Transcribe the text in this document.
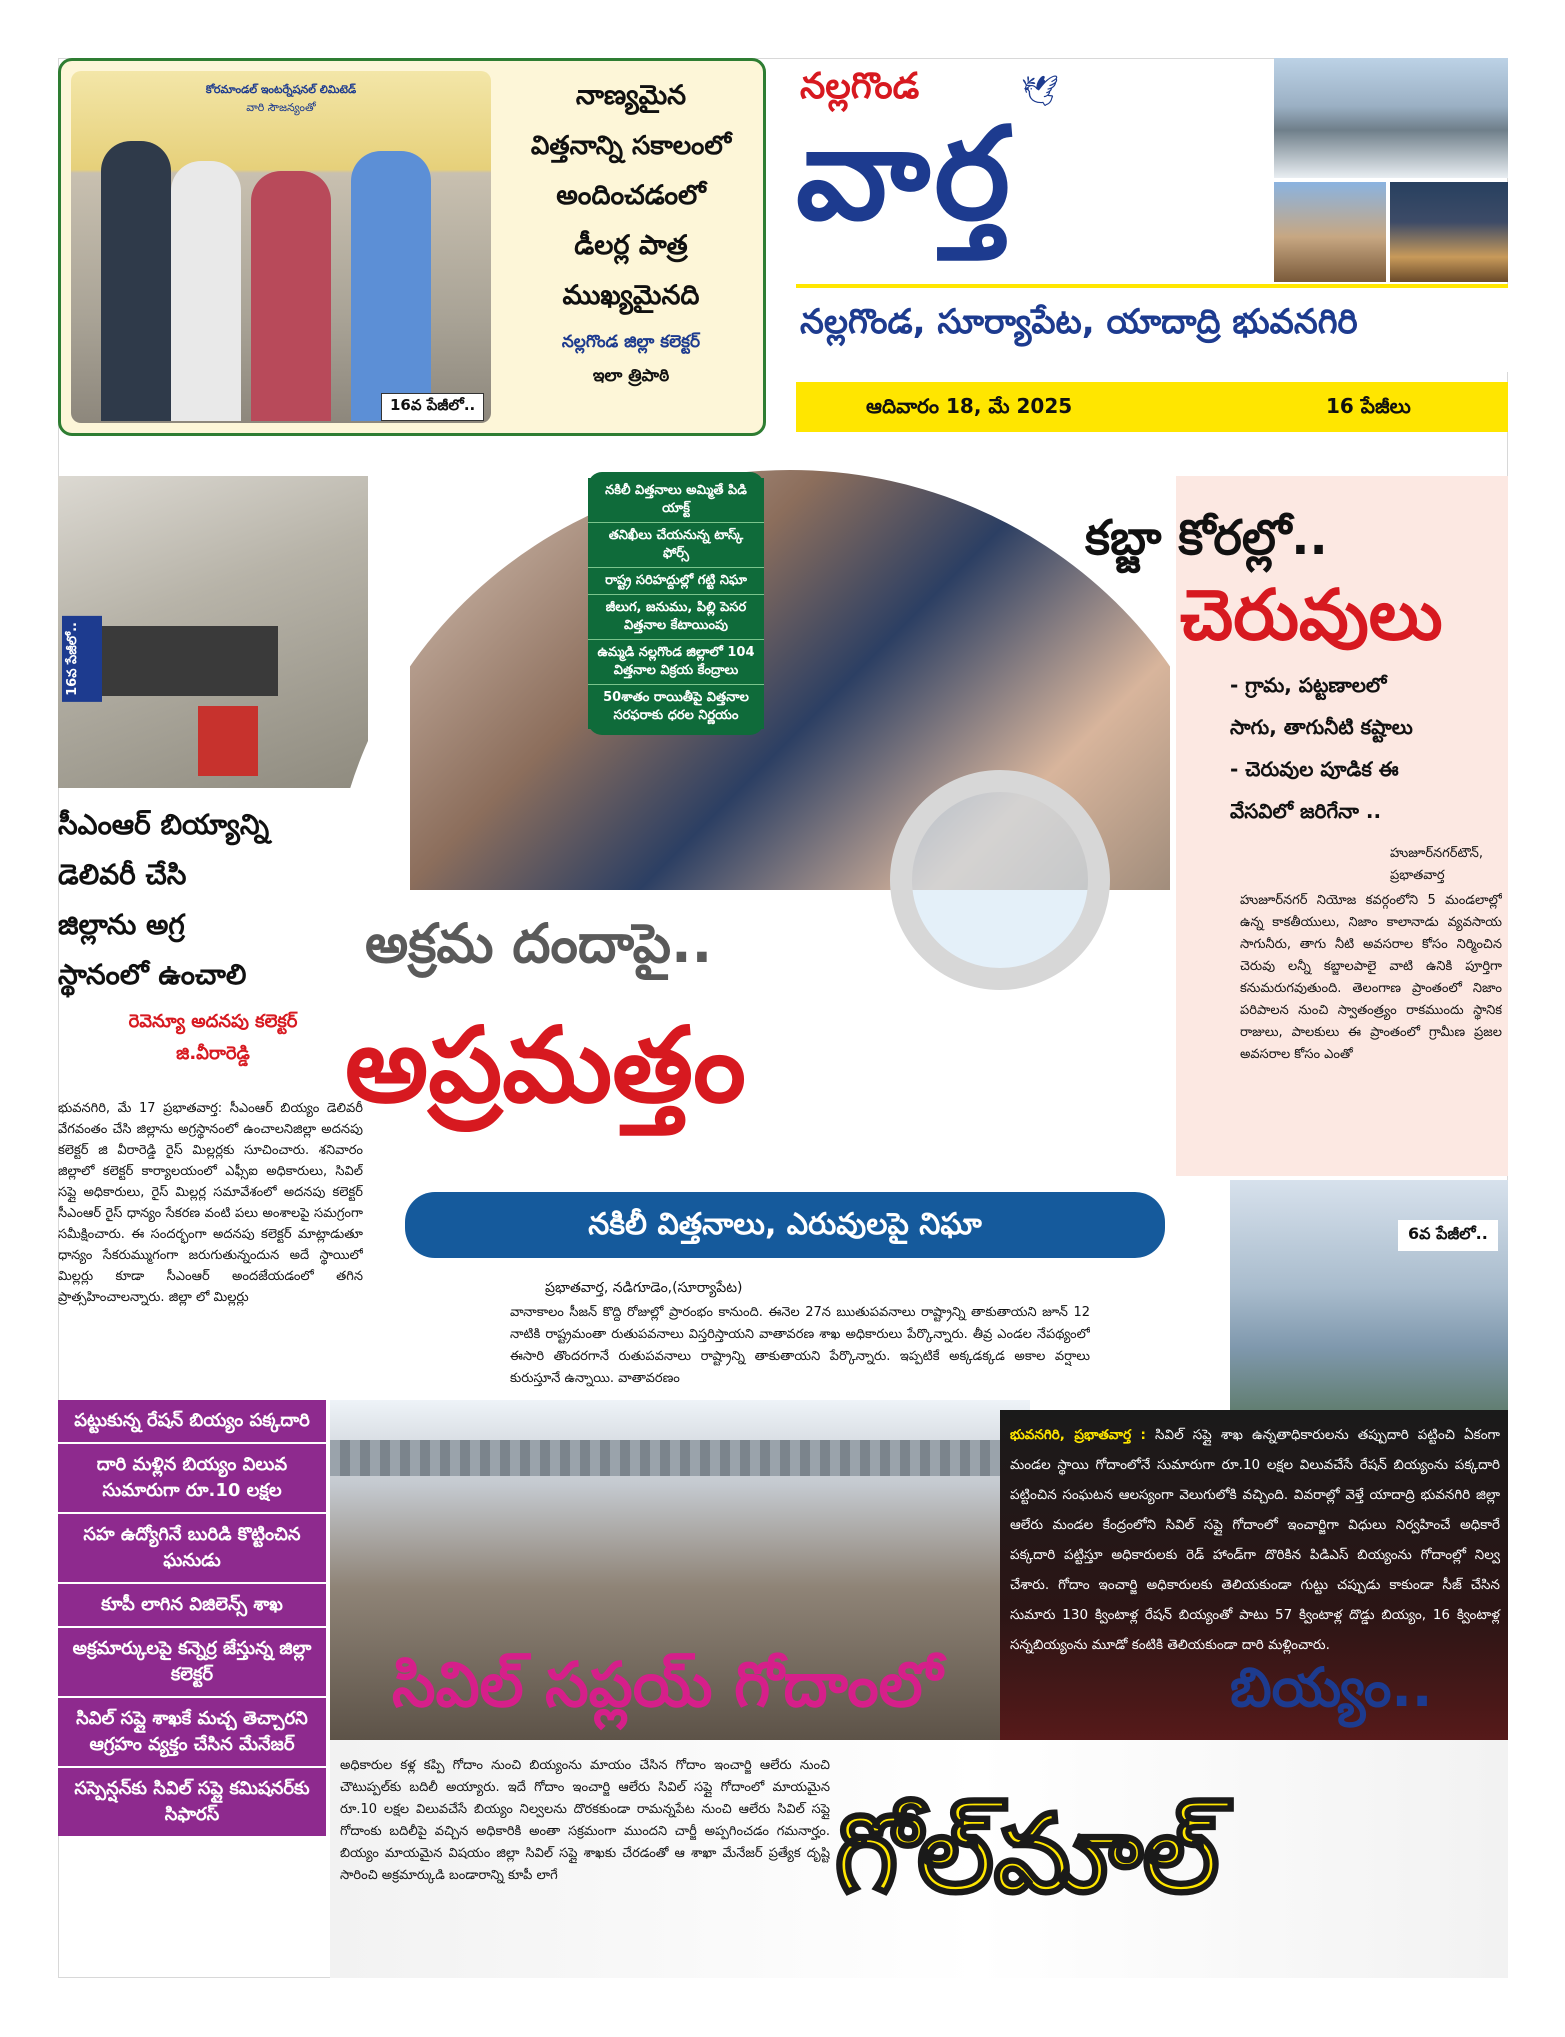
కోరమాండల్ ఇంటర్నేషనల్ లిమిటెడ్
వారి సౌజన్యంతో
16వ పేజీలో..
నాణ్యమైన
విత్తనాన్ని సకాలంలో
అందించడంలో
డీలర్ల పాత్ర
ముఖ్యమైనది
నల్లగొండ జిల్లా కలెక్టర్
ఇలా త్రిపాఠి
నల్లగొండ	🕊
వార్త
నల్లగొండ, సూర్యాపేట, యాదాద్రి భువనగిరి
ఆదివారం 18, మే 2025	16 పేజీలు
16వ పేజీలో..
సీఎంఆర్ బియ్యాన్ని
డెలివరీ చేసి
జిల్లాను అగ్ర
స్థానంలో ఉంచాలి
రెవెన్యూ అదనపు కలెక్టర్
జి.వీరారెడ్డి
భువనగిరి, మే 17 ప్రభాతవార్త: సీఎంఆర్ బియ్యం డెలివరీ వేగవంతం చేసి జిల్లాను అగ్రస్థానంలో ఉంచాలనిజిల్లా అదనపు కలెక్టర్ జి వీరారెడ్డి రైస్ మిల్లర్లకు సూచించారు. శనివారం జిల్లాలో కలెక్టర్ కార్యాలయంలో ఎఫ్సీఐ అధికారులు, సివిల్ సప్లై అధికారులు, రైస్ మిల్లర్ల సమావేశంలో అదనపు కలెక్టర్ సీఎంఆర్ రైస్ ధాన్యం సేకరణ వంటి పలు అంశాలపై సమగ్రంగా సమీక్షించారు. ఈ సందర్భంగా అదనపు కలెక్టర్ మాట్లాడుతూ ధాన్యం సేకరుమ్ముగంగా జరుగుతున్నందున అదే స్థాయిలో మిల్లర్లు కూడా సీఎంఆర్ అందజేయడంలో తగిన ప్రాత్సహించాలన్నారు. జిల్లా లో మిల్లర్లు
నకిలీ విత్తనాలు అమ్మితే పిడి యాక్ట్
తనిఖీలు చేయనున్న టాస్క్ ఫోర్స్
రాష్ట్ర సరిహద్దుల్లో గట్టి నిఘా
జీలుగ, జనుము, పిల్లి పెసర విత్తనాల కేటాయింపు
ఉమ్మడి నల్లగొండ జిల్లాలో 104 విత్తనాల విక్రయ కేంద్రాలు
50శాతం రాయితీపై విత్తనాల సరఫరాకు ధరల నిర్ణయం
అక్రమ దందాపై..
అప్రమత్తం
నకిలీ విత్తనాలు, ఎరువులపై నిఘా
ప్రభాతవార్త, నడిగూడెం,(సూర్యాపేట)
వానాకాలం సీజన్ కొద్ది రోజుల్లో ప్రారంభం కానుంది. ఈనెల 27న ఋతుపవనాలు రాష్ట్రాన్ని తాకుతాయని జూన్ 12 నాటికి రాష్ట్రమంతా రుతుపవనాలు విస్తరిస్తాయని వాతావరణ శాఖ అధికారులు పేర్కొన్నారు. తీవ్ర ఎండల నేపథ్యంలో ఈసారి తొందరగానే రుతుపవనాలు రాష్ట్రాన్ని తాకుతాయని పేర్కొన్నారు. ఇప్పటికే అక్కడక్కడ అకాల వర్షాలు కురుస్తూనే ఉన్నాయి. వాతావరణం
కబ్జా కోరల్లో..
చెరువులు
- గ్రామ, పట్టణాలలో
సాగు, తాగునీటి కష్టాలు
- చెరువుల పూడిక ఈ
వేసవిలో జరిగేనా ..
హుజూర్‌నగర్‌టౌన్,
ప్రభాతవార్త
హుజూర్‌నగర్ నియోజ కవర్గంలోని 5 మండలాల్లో ఉన్న కాకతీయులు, నిజాం కాలానాడు వ్యవసాయ సాగునీరు, తాగు నీటి అవసరాల కోసం నిర్మించిన చెరువు లన్నీ కబ్జాలపాలై వాటి ఉనికి పూర్తిగా కనుమరుగవుతుంది. తెలంగాణ ప్రాంతంలో నిజాం పరిపాలన నుంచి స్వాతంత్ర్యం రాకముందు స్థానిక రాజులు, పాలకులు ఈ ప్రాంతంలో గ్రామీణ ప్రజల అవసరాల కోసం ఎంతో
6వ పేజీలో..
పట్టుకున్న రేషన్ బియ్యం పక్కదారి
దారి మళ్లిన బియ్యం విలువ సుమారుగా రూ.10 లక్షల
సహ ఉద్యోగినే బురిడి కొట్టించిన ఘనుడు
కూపీ లాగిన విజిలెన్స్ శాఖ
అక్రమార్కులపై కన్నెర్ర జేస్తున్న జిల్లా కలెక్టర్
సివిల్ సప్లై శాఖకే మచ్చ తెచ్చారని ఆగ్రహం వ్యక్తం చేసిన మేనేజర్
సస్పెన్షన్‌కు సివిల్ సప్లై కమిషనర్‌కు సిఫారస్
భువనగిరి, ప్రభాతవార్త : సివిల్ సప్లై శాఖ ఉన్నతాధికారులను తప్పుదారి పట్టించి ఏకంగా మండల స్థాయి గోదాంలోనే సుమారుగా రూ.10 లక్షల విలువచేసే రేషన్ బియ్యంను పక్కదారి పట్టించిన సంఘటన ఆలస్యంగా వెలుగులోకి వచ్చింది. వివరాల్లో వెళ్తే యాదాద్రి భువనగిరి జిల్లా ఆలేరు మండల కేంద్రంలోని సివిల్ సప్లై గోదాంలో ఇంచార్జిగా విధులు నిర్వహించే అధికారే పక్కదారి పట్టిస్తూ అధికారులకు రెడ్ హాండ్‌గా దొరికిన పిడిఎస్ బియ్యంను గోదాంల్లో నిల్వ చేశారు. గోదాం ఇంచార్జి అధికారులకు తెలియకుండా గుట్టు చప్పుడు కాకుండా సీజ్ చేసిన సుమారు 130 క్వింటాళ్ల రేషన్ బియ్యంతో పాటు 57 క్వింటాళ్ల దొడ్డు బియ్యం, 16 క్వింటాళ్ల సన్నబియ్యంను మూడో కంటికి తెలియకుండా దారి మళ్లించారు.
సివిల్ సప్లయ్ గోదాంలో	బియ్యం..
అధికారుల కళ్ల కప్పి గోదాం నుంచి బియ్యంను మాయం చేసిన గోదాం ఇంచార్జి ఆలేరు నుంచి చౌటుప్పల్‌కు బదిలీ అయ్యారు. ఇదే గోదాం ఇంచార్జి ఆలేరు సివిల్ సప్లై గోదాంలో మాయమైన రూ.10 లక్షల విలువచేసే బియ్యం నిల్వలను దొరకకుండా రామన్నపేట నుంచి ఆలేరు సివిల్ సప్లై గోదాంకు బదిలీపై వచ్చిన అధికారికి అంతా సక్రమంగా ముందని చార్జీ అప్పగించడం గమనార్హం. బియ్యం మాయమైన విషయం జిల్లా సివిల్ సప్లై శాఖకు చేరడంతో ఆ శాఖా మేనేజర్ ప్రత్యేక దృష్టి సారించి అక్రమార్కుడి బండారాన్ని కూపీ లాగే	గోల్‌మాల్
